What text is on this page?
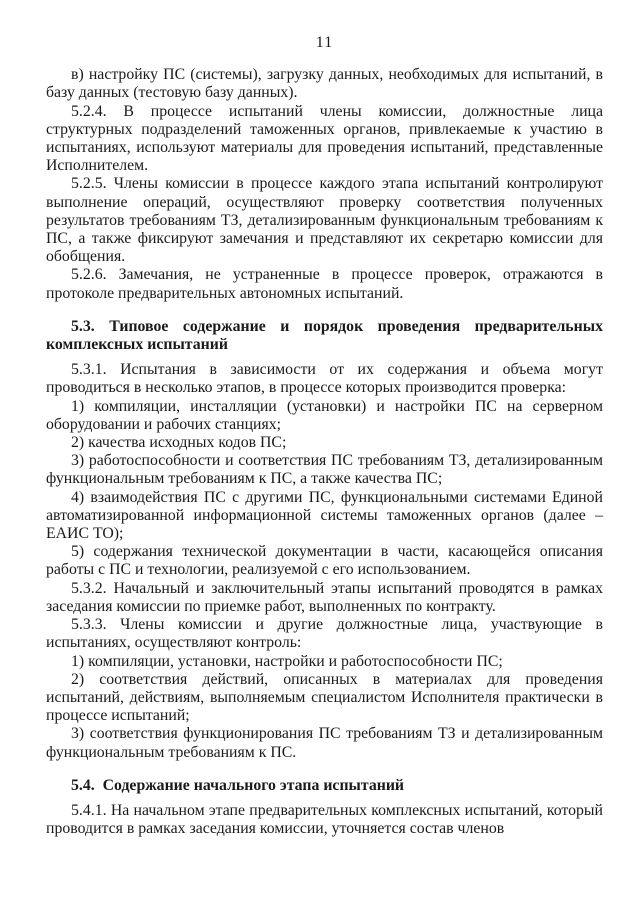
11

в) настройку ПС (системы), загрузку данных, необходимых для испытаний, в базу данных (тестовую базу данных).

5.2.4. В процессе испытаний члены комиссии, должностные лица структурных подразделений таможенных органов, привлекаемые к участию в испытаниях, используют материалы для проведения испытаний, представленные Исполнителем.

5.2.5. Члены комиссии в процессе каждого этапа испытаний контролируют выполнение операций, осуществляют проверку соответствия полученных результатов требованиям ТЗ, детализированным функциональным требованиям к ПС, а также фиксируют замечания и представляют их секретарю комиссии для обобщения.

5.2.6. Замечания, не устраненные в процессе проверок, отражаются в протоколе предварительных автономных испытаний.

5.3. Типовое содержание и порядок проведения предварительных комплексных испытаний

5.3.1. Испытания в зависимости от их содержания и объема могут проводиться в несколько этапов, в процессе которых производится проверка:

1) компиляции, инсталляции (установки) и настройки ПС на серверном оборудовании и рабочих станциях;

2) качества исходных кодов ПС;

3) работоспособности и соответствия ПС требованиям ТЗ, детализированным функциональным требованиям к ПС, а также качества ПС;

4) взаимодействия ПС с другими ПС, функциональными системами Единой автоматизированной информационной системы таможенных органов (далее – ЕАИС ТО);

5) содержания технической документации в части, касающейся описания работы с ПС и технологии, реализуемой с его использованием.

5.3.2. Начальный и заключительный этапы испытаний проводятся в рамках заседания комиссии по приемке работ, выполненных по контракту.

5.3.3. Члены комиссии и другие должностные лица, участвующие в испытаниях, осуществляют контроль:

1) компиляции, установки, настройки и работоспособности ПС;

2) соответствия действий, описанных в материалах для проведения испытаний, действиям, выполняемым специалистом Исполнителя практически в процессе испытаний;

3) соответствия функционирования ПС требованиям ТЗ и детализированным функциональным требованиям к ПС.

5.4.  Содержание начального этапа испытаний

5.4.1. На начальном этапе предварительных комплексных испытаний, который проводится в рамках заседания комиссии, уточняется состав членов
